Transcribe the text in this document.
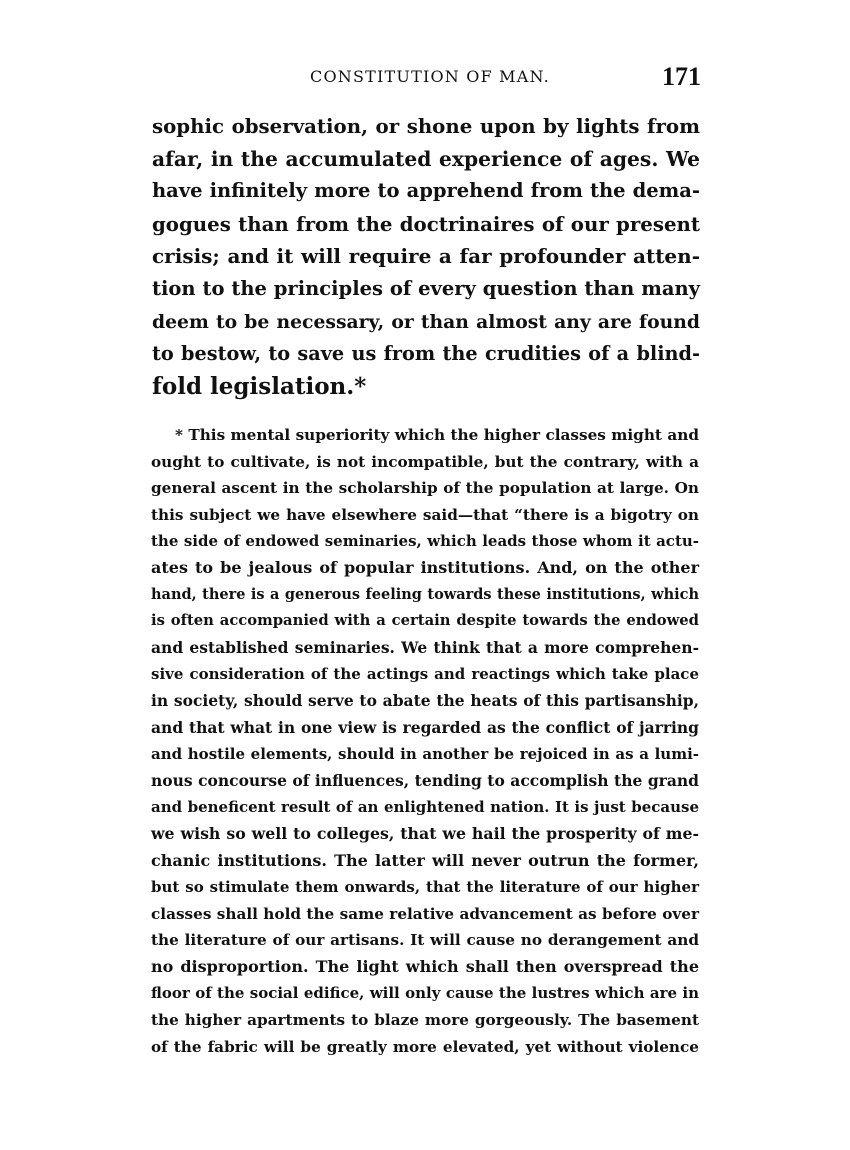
CONSTITUTION OF MAN.	171
sophic observation, or shone upon by lights from
afar, in the accumulated experience of ages. We
have infinitely more to apprehend from the dema-
gogues than from the doctrinaires of our present
crisis; and it will require a far profounder atten-
tion to the principles of every question than many
deem to be necessary, or than almost any are found
to bestow, to save us from the crudities of a blind-
fold legislation.*
* This mental superiority which the higher classes might and
ought to cultivate, is not incompatible, but the contrary, with a
general ascent in the scholarship of the population at large. On
this subject we have elsewhere said—that “there is a bigotry on
the side of endowed seminaries, which leads those whom it actu-
ates to be jealous of popular institutions. And, on the other
hand, there is a generous feeling towards these institutions, which
is often accompanied with a certain despite towards the endowed
and established seminaries. We think that a more comprehen-
sive consideration of the actings and reactings which take place
in society, should serve to abate the heats of this partisanship,
and that what in one view is regarded as the conflict of jarring
and hostile elements, should in another be rejoiced in as a lumi-
nous concourse of influences, tending to accomplish the grand
and beneficent result of an enlightened nation. It is just because
we wish so well to colleges, that we hail the prosperity of me-
chanic institutions. The latter will never outrun the former,
but so stimulate them onwards, that the literature of our higher
classes shall hold the same relative advancement as before over
the literature of our artisans. It will cause no derangement and
no disproportion. The light which shall then overspread the
floor of the social edifice, will only cause the lustres which are in
the higher apartments to blaze more gorgeously. The basement
of the fabric will be greatly more elevated, yet without violence
